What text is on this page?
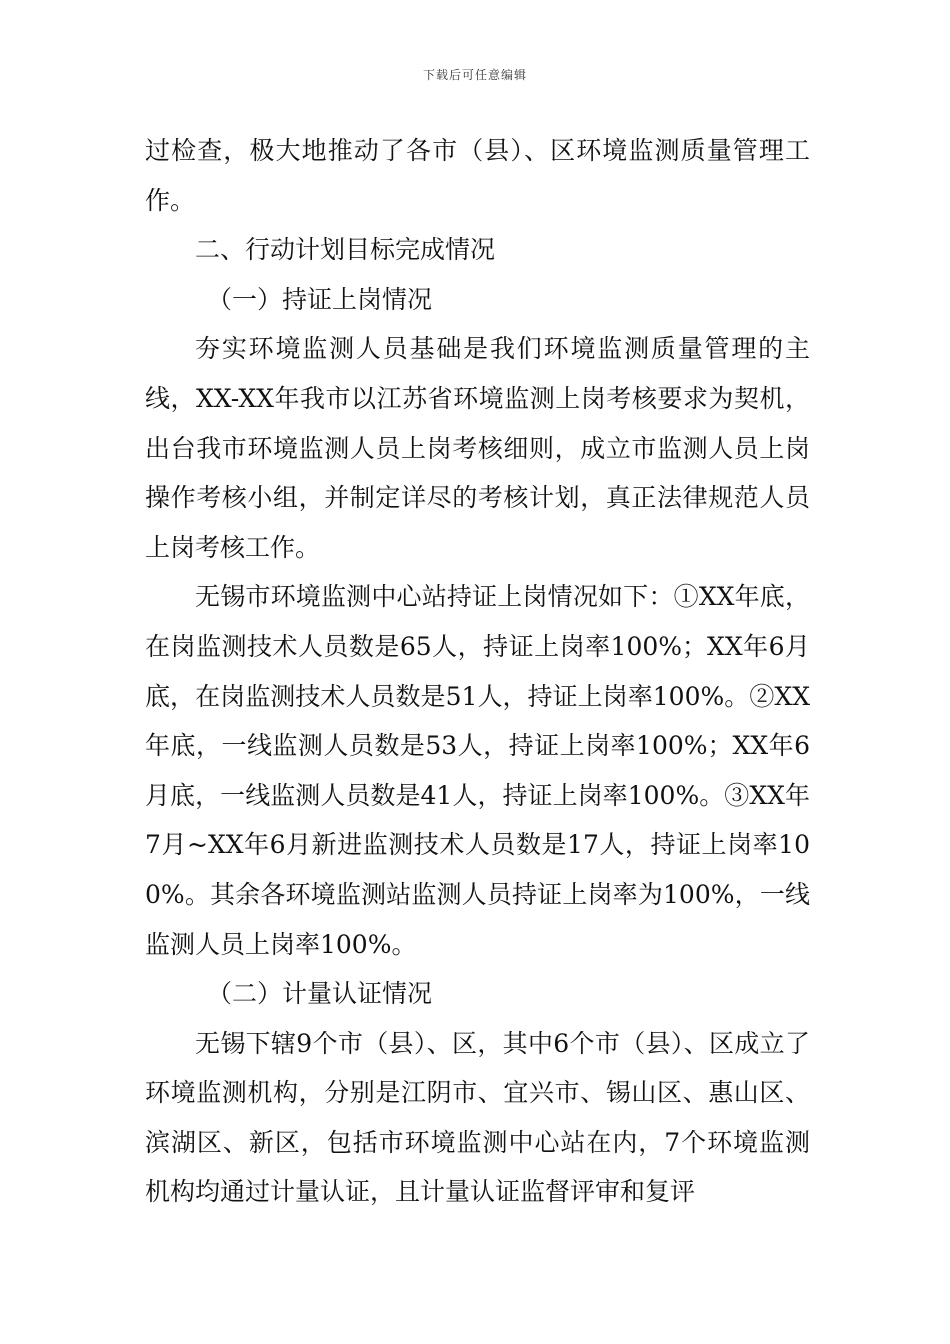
下载后可任意编辑

过检查，极大地推动了各市（县）、区环境监测质量管理工作。

二、行动计划目标完成情况

（一）持证上岗情况

夯实环境监测人员基础是我们环境监测质量管理的主线，XX-XX年我市以江苏省环境监测上岗考核要求为契机，出台我市环境监测人员上岗考核细则，成立市监测人员上岗操作考核小组，并制定详尽的考核计划，真正法律规范人员上岗考核工作。

无锡市环境监测中心站持证上岗情况如下：①XX年底，在岗监测技术人员数是65人，持证上岗率100%；XX年6月底，在岗监测技术人员数是51人，持证上岗率100%。②XX年底，一线监测人员数是53人，持证上岗率100%；XX年6月底，一线监测人员数是41人，持证上岗率100%。③XX年7月~XX年6月新进监测技术人员数是17人，持证上岗率100%。其余各环境监测站监测人员持证上岗率为100%，一线监测人员上岗率100%。

（二）计量认证情况

无锡下辖9个市（县）、区，其中6个市（县）、区成立了环境监测机构，分别是江阴市、宜兴市、锡山区、惠山区、滨湖区、新区，包括市环境监测中心站在内，7个环境监测机构均通过计量认证，且计量认证监督评审和复评
